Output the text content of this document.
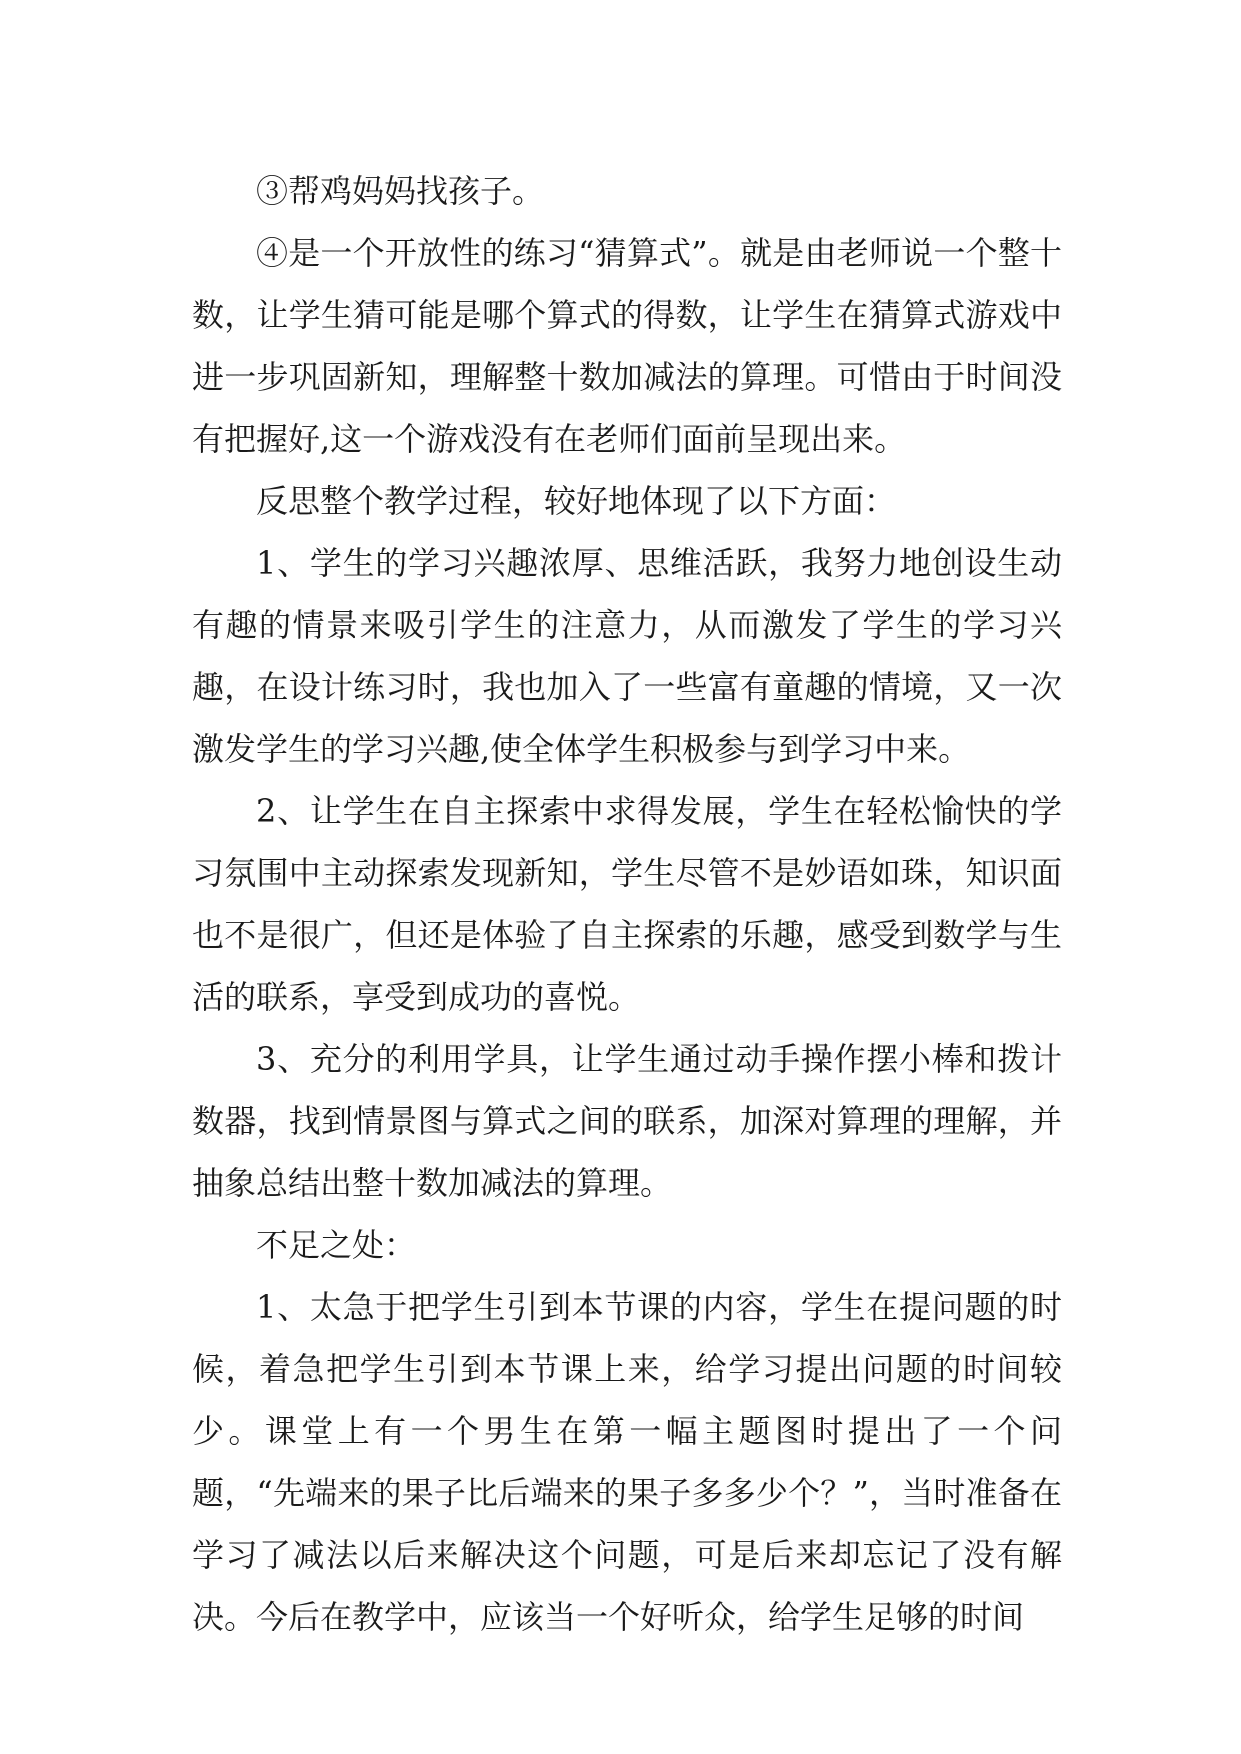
③帮鸡妈妈找孩子。

④是一个开放性的练习“猜算式”。就是由老师说一个整十数，让学生猜可能是哪个算式的得数，让学生在猜算式游戏中进一步巩固新知，理解整十数加减法的算理。可惜由于时间没有把握好,这一个游戏没有在老师们面前呈现出来。

反思整个教学过程，较好地体现了以下方面：

1、学生的学习兴趣浓厚、思维活跃，我努力地创设生动有趣的情景来吸引学生的注意力，从而激发了学生的学习兴趣，在设计练习时，我也加入了一些富有童趣的情境，又一次激发学生的学习兴趣,使全体学生积极参与到学习中来。

2、让学生在自主探索中求得发展，学生在轻松愉快的学习氛围中主动探索发现新知，学生尽管不是妙语如珠，知识面也不是很广，但还是体验了自主探索的乐趣，感受到数学与生活的联系，享受到成功的喜悦。

3、充分的利用学具，让学生通过动手操作摆小棒和拨计数器，找到情景图与算式之间的联系，加深对算理的理解，并抽象总结出整十数加减法的算理。

不足之处：

1、太急于把学生引到本节课的内容，学生在提问题的时候，着急把学生引到本节课上来，给学习提出问题的时间较少。课堂上有一个男生在第一幅主题图时提出了一个问题，“先端来的果子比后端来的果子多多少个？”，当时准备在学习了减法以后来解决这个问题，可是后来却忘记了没有解决。今后在教学中，应该当一个好听众，给学生足够的时间
